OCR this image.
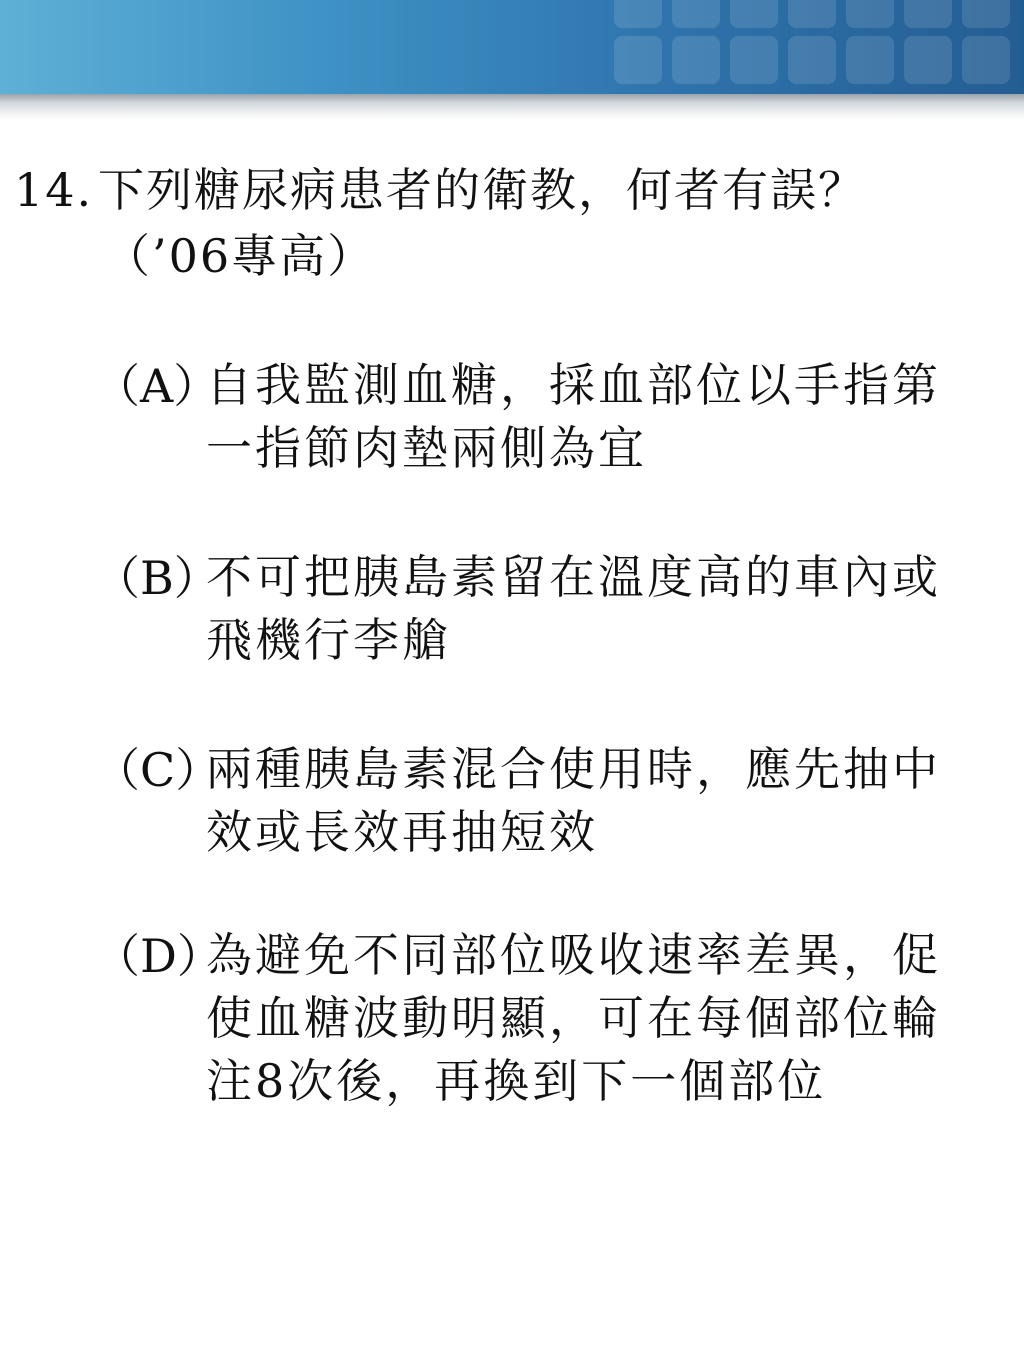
14. 下列糖尿病患者的衛教，何者有誤？
（’06專高）
（A）
自我監測血糖，採血部位以手指第
一指節肉墊兩側為宜
（B）
不可把胰島素留在溫度高的車內或
飛機行李艙
（C）
兩種胰島素混合使用時，應先抽中
效或長效再抽短效
（D）
為避免不同部位吸收速率差異，促
使血糖波動明顯，可在每個部位輪
注8次後，再換到下一個部位
